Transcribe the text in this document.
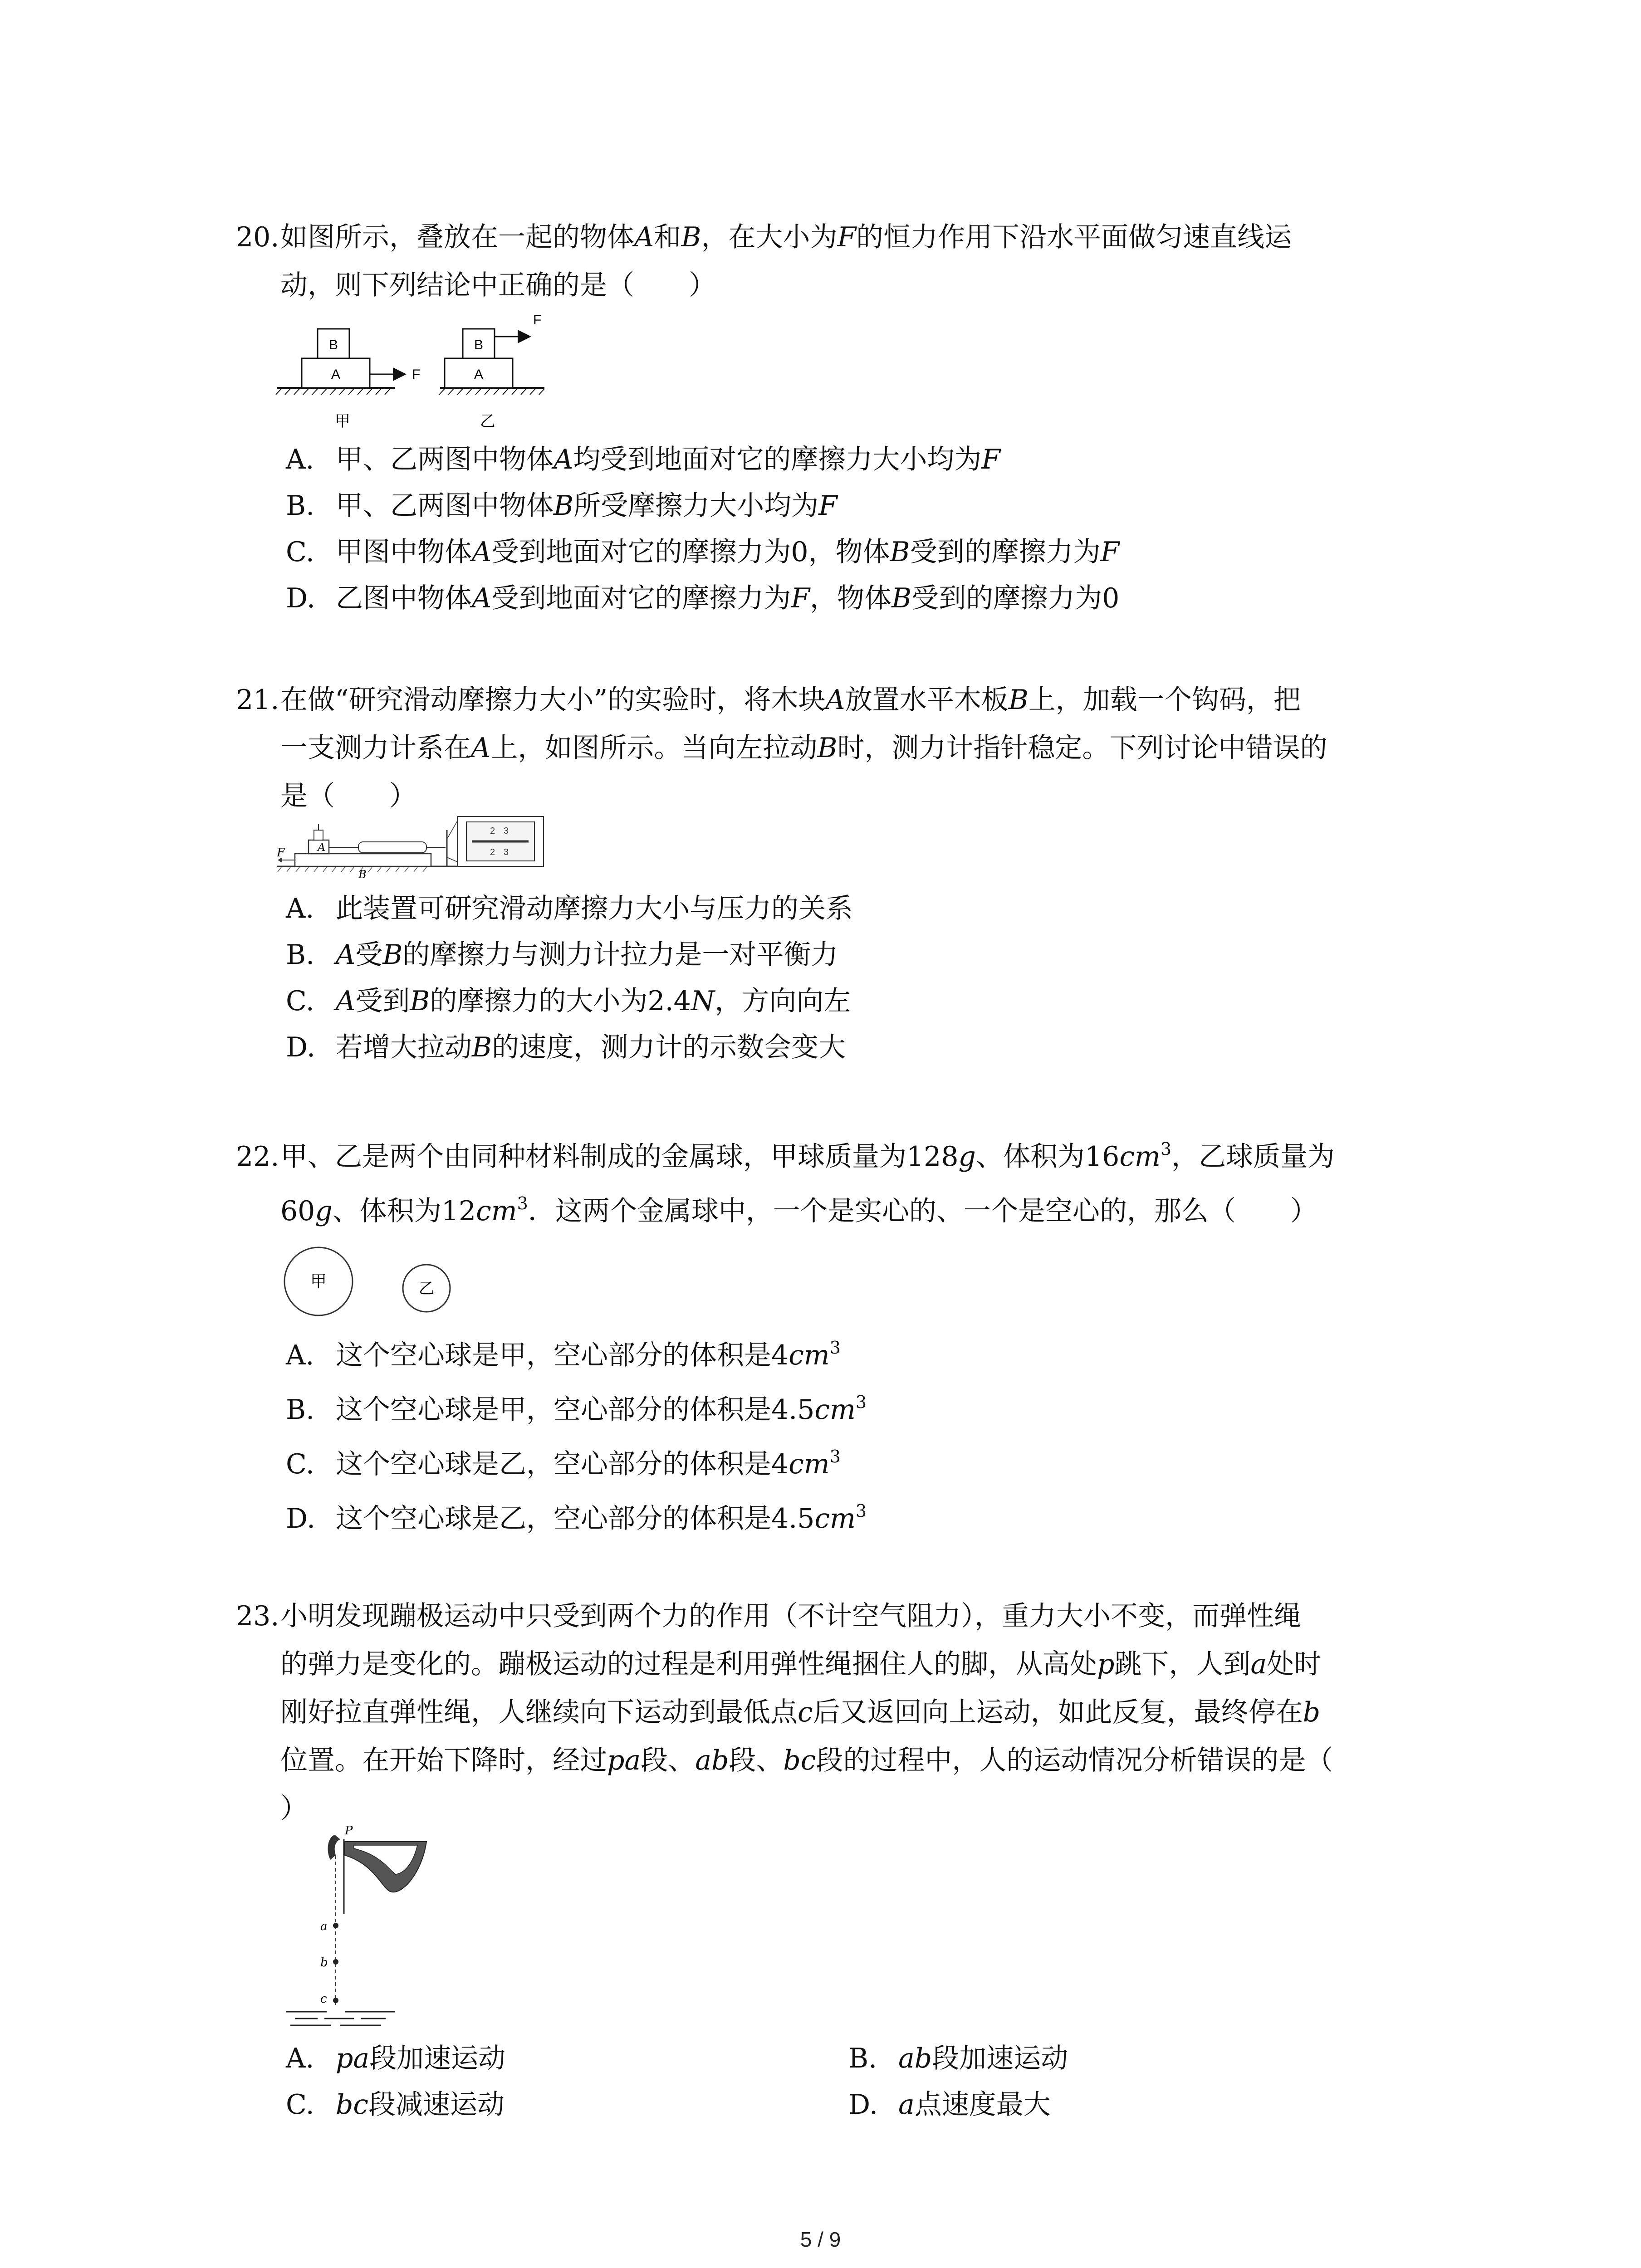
20.如图所示，叠放在一起的物体A和B，在大小为F的恒力作用下沿水平面做匀速直线运
动，则下列结论中正确的是（　　）
B
A	F
甲
B
A
F
乙
A. 甲、乙两图中物体A均受到地面对它的摩擦力大小均为F
B. 甲、乙两图中物体B所受摩擦力大小均为F
C. 甲图中物体A受到地面对它的摩擦力为0，物体B受到的摩擦力为F
D. 乙图中物体A受到地面对它的摩擦力为F，物体B受到的摩擦力为0
21.在做“研究滑动摩擦力大小”的实验时，将木块A放置水平木板B上，加载一个钩码，把
一支测力计系在A上，如图所示。当向左拉动B时，测力计指针稳定。下列讨论中错误的
是（　　）
2 3
2 3
F	A
B
A. 此装置可研究滑动摩擦力大小与压力的关系
B. A受B的摩擦力与测力计拉力是一对平衡力
C. A受到B的摩擦力的大小为2.4N，方向向左
D. 若增大拉动B的速度，测力计的示数会变大
22.甲、乙是两个由同种材料制成的金属球，甲球质量为128g、体积为$16cm^3$，乙球质量为
60g、体积为$12cm^3$．这两个金属球中，一个是实心的、一个是空心的，那么（　　）
甲	乙
A. 这个空心球是甲，空心部分的体积是$4cm^3$
B. 这个空心球是甲，空心部分的体积是$4.5cm^3$
C. 这个空心球是乙，空心部分的体积是$4cm^3$
D. 这个空心球是乙，空心部分的体积是$4.5cm^3$
23.小明发现蹦极运动中只受到两个力的作用（不计空气阻力），重力大小不变，而弹性绳
的弹力是变化的。蹦极运动的过程是利用弹性绳捆住人的脚，从高处p跳下，人到a处时
刚好拉直弹性绳，人继续向下运动到最低点c后又返回向上运动，如此反复，最终停在b
位置。在开始下降时，经过pa段、ab段、bc段的过程中，人的运动情况分析错误的是（
）
P
a
b
c
A. pa段加速运动	B. ab段加速运动
C. bc段减速运动	D. a点速度最大
5 / 9
